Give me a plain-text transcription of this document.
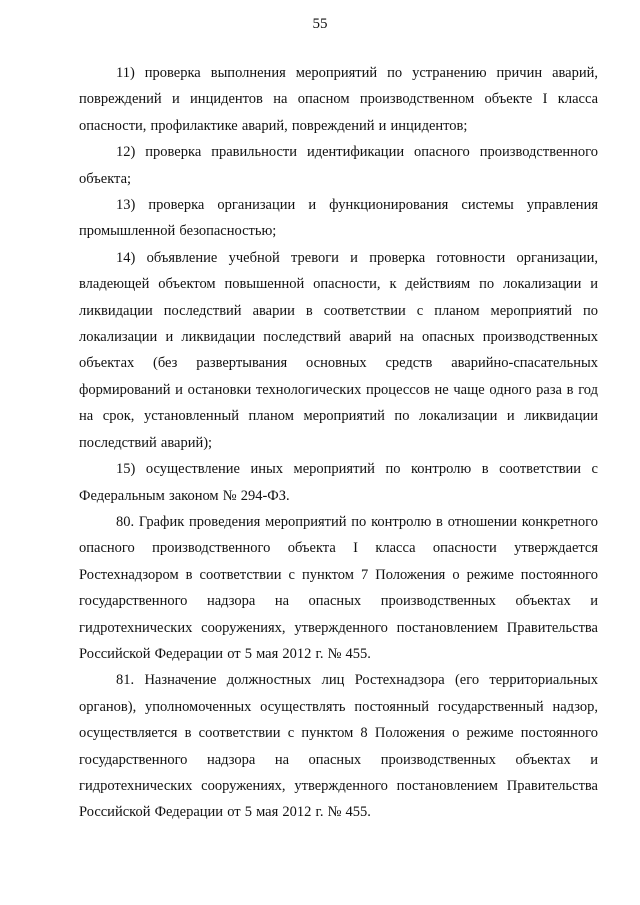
55

11) проверка выполнения мероприятий по устранению причин аварий, повреждений и инцидентов на опасном производственном объекте I класса опасности, профилактике аварий, повреждений и инцидентов;

12) проверка правильности идентификации опасного производственного объекта;

13) проверка организации и функционирования системы управления промышленной безопасностью;

14) объявление учебной тревоги и проверка готовности организации, владеющей объектом повышенной опасности, к действиям по локализации и ликвидации последствий аварии в соответствии с планом мероприятий по локализации и ликвидации последствий аварий на опасных производственных объектах (без развертывания основных средств аварийно-спасательных формирований и остановки технологических процессов не чаще одного раза в год на срок, установленный планом мероприятий по локализации и ликвидации последствий аварий);

15) осуществление иных мероприятий по контролю в соответствии с Федеральным законом № 294-ФЗ.

80. График проведения мероприятий по контролю в отношении конкретного опасного производственного объекта I класса опасности утверждается Ростехнадзором в соответствии с пунктом 7 Положения о режиме постоянного государственного надзора на опасных производственных объектах и гидротехнических сооружениях, утвержденного постановлением Правительства Российской Федерации от 5 мая 2012 г. № 455.

81. Назначение должностных лиц Ростехнадзора (его территориальных органов), уполномоченных осуществлять постоянный государственный надзор, осуществляется в соответствии с пунктом 8 Положения о режиме постоянного государственного надзора на опасных производственных объектах и гидротехнических сооружениях, утвержденного постановлением Правительства Российской Федерации от 5 мая 2012 г. № 455.
